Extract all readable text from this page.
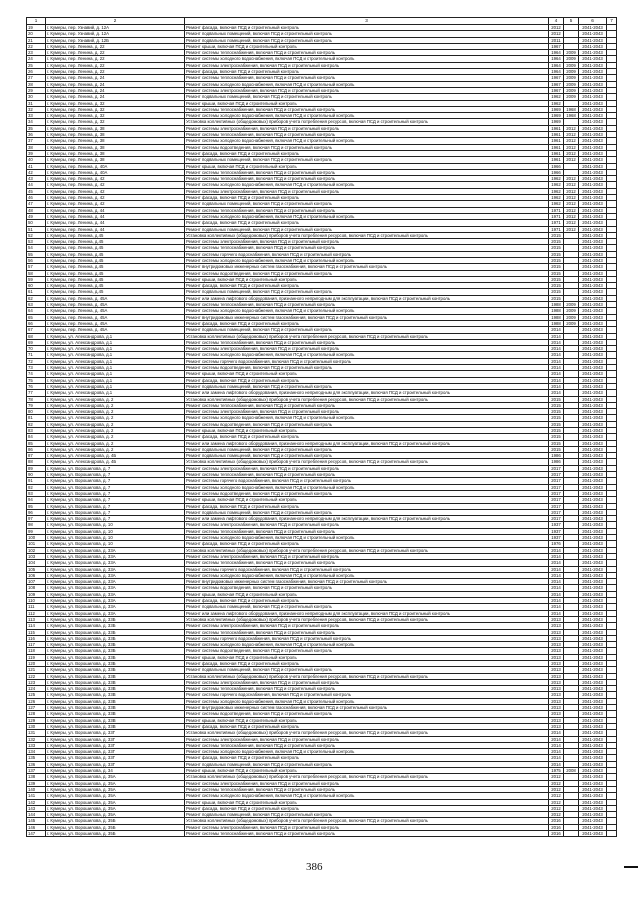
1	2	3	4	5	6	7
19	г. Кумеры, пер. Узнавий, д. 12А	Ремонт фасада, включая ПСД и строительный контроль	2012		2041-2043	
20	г. Кумеры, пер. Узнавий, д. 12А	Ремонт подвальных помещений, включая ПСД и строительный контроль	2012		2041-2043	
21	г. Кумеры, пер. Узнавий, д. 12Б	Ремонт подвальных помещений, включая ПСД и строительный контроль	2011		2041-2043	
22	г. Кумеры, пер. Ленина, д. 22	Ремонт крыши, включая ПСД и строительный контроль	1967		2041-2043	
23	г. Кумеры, пер. Ленина, д. 22	Ремонт системы теплоснабжения, включая ПСД и строительный контроль	1964	2009	2041-2043	
24	г. Кумеры, пер. Ленина, д. 22	Ремонт системы холодного водоснабжения, включая ПСД и строительный контроль	1964	2009	2041-2043	
25	г. Кумеры, пер. Ленина, д. 22	Ремонт системы электроснабжения, включая ПСД и строительный контроль	1964	2009	2041-2043	
26	г. Кумеры, пер. Ленина, д. 22	Ремонт фасада, включая ПСД и строительный контроль	1964	2009	2041-2043	
27	г. Кумеры, пер. Ленина, д. 24	Ремонт системы теплоснабжения, включая ПСД и строительный контроль	1967	2009	2041-2043	
28	г. Кумеры, пер. Ленина, д. 24	Ремонт системы холодного водоснабжения, включая ПСД и строительный контроль	1967	2009	2041-2043	
29	г. Кумеры, пер. Ленина, д. 24	Ремонт системы электроснабжения, включая ПСД и строительный контроль	1967	2009	2041-2043	
30	г. Кумеры, пер. Ленина, д. 24	Ремонт подвальных помещений, включая ПСД и строительный контроль	1962	2009	2041-2043	
31	г. Кумеры, пер. Ленина, д. 32	Ремонт крыши, включая ПСД и строительный контроль	1962		2041-2043	
32	г. Кумеры, пер. Ленина, д. 32	Ремонт системы теплоснабжения, включая ПСД и строительный контроль	1969	1968	2041-2043	
33	г. Кумеры, пер. Ленина, д. 32	Ремонт системы холодного водоснабжения, включая ПСД и строительный контроль	1969	1968	2041-2043	
34	г. Кумеры, пер. Ленина, д. 32	Установка коллективных (общедомовых) приборов учета потребления ресурсов, включая ПСД и строительный контроль	1969		2041-2043	
35	г. Кумеры, пер. Ленина, д. 38	Ремонт системы электроснабжения, включая ПСД и строительный контроль	1961	2012	2041-2043	
36	г. Кумеры, пер. Ленина, д. 38	Ремонт системы теплоснабжения, включая ПСД и строительный контроль	1961	2012	2041-2043	
37	г. Кумеры, пер. Ленина, д. 38	Ремонт системы холодного водоснабжения, включая ПСД и строительный контроль	1961	2012	2041-2043	
38	г. Кумеры, пер. Ленина, д. 38	Ремонт системы водоотведения, включая ПСД и строительный контроль	1961	2012	2041-2043	
39	г. Кумеры, пер. Ленина, д. 38	Ремонт фасада, включая ПСД и строительный контроль	1961	2012	2041-2043	
40	г. Кумеры, пер. Ленина, д. 38	Ремонт подвальных помещений, включая ПСД и строительный контроль	1961	2012	2041-2043	
41	г. Кумеры, пер. Ленина, д. 40А	Ремонт крыши, включая ПСД и строительный контроль	1966		2041-2043	
42	г. Кумеры, пер. Ленина, д. 40А	Ремонт системы теплоснабжения, включая ПСД и строительный контроль	1966		2041-2043	
43	г. Кумеры, пер. Ленина, д. 42	Ремонт системы теплоснабжения, включая ПСД и строительный контроль	1962	2012	2041-2043	
44	г. Кумеры, пер. Ленина, д. 42	Ремонт системы холодного водоснабжения, включая ПСД и строительный контроль	1962	2012	2041-2043	
45	г. Кумеры, пер. Ленина, д. 42	Ремонт системы электроснабжения, включая ПСД и строительный контроль	1962	2012	2041-2043	
46	г. Кумеры, пер. Ленина, д. 42	Ремонт фасада, включая ПСД и строительный контроль	1962	2012	2041-2043	
47	г. Кумеры, пер. Ленина, д. 42	Ремонт подвальных помещений, включая ПСД и строительный контроль	1962	2012	2041-2043	
48	г. Кумеры, пер. Ленина, д. 44	Ремонт системы теплоснабжения, включая ПСД и строительный контроль	1971	2012	2041-2043	
49	г. Кумеры, пер. Ленина, д. 44	Ремонт системы холодного водоснабжения, включая ПСД и строительный контроль	1971	2012	2041-2043	
50	г. Кумеры, пер. Ленина, д. 44	Ремонт фасада, включая ПСД и строительный контроль	1971	2012	2041-2043	
51	г. Кумеры, пер. Ленина, д. 44	Ремонт подвальных помещений, включая ПСД и строительный контроль	1971	2012	2041-2043	
52	г. Кумеры, пер. Ленина, д.45	Установка коллективных (общедомовых) приборов учета потребления ресурсов, включая ПСД и строительный контроль	2015		2041-2043	
53	г. Кумеры, пер. Ленина, д.45	Ремонт системы электроснабжения, включая ПСД и строительный контроль	2015		2041-2043	
54	г. Кумеры, пер. Ленина, д.45	Ремонт системы теплоснабжения, включая ПСД и строительный контроль	2015		2041-2043	
55	г. Кумеры, пер. Ленина, д.45	Ремонт системы горячего водоснабжения, включая ПСД и строительный контроль	2015		2041-2043	
56	г. Кумеры, пер. Ленина, д.45	Ремонт системы холодного водоснабжения, включая ПСД и строительный контроль	2015		2041-2043	
57	г. Кумеры, пер. Ленина, д.45	Ремонт внутридомовых инженерных систем газоснабжения, включая ПСД и строительный контроль	2015		2041-2043	
58	г. Кумеры, пер. Ленина, д.45	Ремонт системы водоотведения, включая ПСД и строительный контроль	2015		2041-2043	
59	г. Кумеры, пер. Ленина, д.45	Ремонт крыши, включая ПСД и строительный контроль	2015		2041-2043	
60	г. Кумеры, пер. Ленина, д.45	Ремонт фасада, включая ПСД и строительный контроль	2015		2041-2043	
61	г. Кумеры, пер. Ленина, д.45	Ремонт подвальных помещений, включая ПСД и строительный контроль	2015		2041-2043	
62	г. Кумеры, пер. Ленина, д. 45А	Ремонт или замена лифтового оборудования, признанного непригодным для эксплуатации, включая ПСД и строительный контроль	2015		2041-2043	
63	г. Кумеры, пер. Ленина, д. 45А	Ремонт системы теплоснабжения, включая ПСД и строительный контроль	1988	2009	2041-2043	
64	г. Кумеры, пер. Ленина, д. 45А	Ремонт системы холодного водоснабжения, включая ПСД и строительный контроль	1988	2009	2041-2043	
65	г. Кумеры, пер. Ленина, д. 45А	Ремонт внутридомовых инженерных систем газоснабжения, включая ПСД и строительный контроль	1988	2009	2041-2043	
66	г. Кумеры, пер. Ленина, д. 45А	Ремонт фасада, включая ПСД и строительный контроль	1988	2009	2041-2043	
67	г. Кумеры, пер. Ленина, д. 45А	Ремонт подвальных помещений, включая ПСД и строительный контроль	2014		2041-2043	
68	г. Кумеры, ул. Александрова, д.1	Установка коллективных (общедомовых) приборов учета потребления ресурсов, включая ПСД и строительный контроль	2014		2041-2043	
69	г. Кумеры, ул. Александрова, д.1	Ремонт системы теплоснабжения, включая ПСД и строительный контроль	2014		2041-2043	
70	г. Кумеры, ул. Александрова, д.1	Ремонт системы электроснабжения, включая ПСД и строительный контроль	2014		2041-2043	
71	г. Кумеры, ул. Александрова, д.1	Ремонт системы холодного водоснабжения, включая ПСД и строительный контроль	2014		2041-2043	
72	г. Кумеры, ул. Александрова, д.1	Ремонт системы горячего водоснабжения, включая ПСД и строительный контроль	2014		2041-2043	
73	г. Кумеры, ул. Александрова, д.1	Ремонт системы водоотведения, включая ПСД и строительный контроль	2014		2041-2043	
74	г. Кумеры, ул. Александрова, д.1	Ремонт крыши, включая ПСД и строительный контроль	2014		2041-2043	
75	г. Кумеры, ул. Александрова, д.1	Ремонт фасада, включая ПСД и строительный контроль	2014		2041-2043	
76	г. Кумеры, ул. Александрова, д.1	Ремонт подвальных помещений, включая ПСД и строительный контроль	2014		2041-2043	
77	г. Кумеры, ул. Александрова, д.1	Ремонт или замена лифтового оборудования, признанного непригодным для эксплуатации, включая ПСД и строительный контроль	2014		2041-2043	
78	г. Кумеры, ул. Александрова, д. 2	Установка коллективных (общедомовых) приборов учета потребления ресурсов, включая ПСД и строительный контроль	2015		2041-2043	
79	г. Кумеры, ул. Александрова, д. 2	Ремонт системы теплоснабжения, включая ПСД и строительный контроль	2015		2041-2043	
80	г. Кумеры, ул. Александрова, д. 2	Ремонт системы электроснабжения, включая ПСД и строительный контроль	2015		2041-2043	
81	г. Кумеры, ул. Александрова, д. 2	Ремонт системы холодного водоснабжения, включая ПСД и строительный контроль	2015		2041-2043	
82	г. Кумеры, ул. Александрова, д. 2	Ремонт системы водоотведения, включая ПСД и строительный контроль	2015		2041-2043	
83	г. Кумеры, ул. Александрова, д. 2	Ремонт крыши, включая ПСД и строительный контроль	2015		2041-2043	
84	г. Кумеры, ул. Александрова, д. 2	Ремонт фасада, включая ПСД и строительный контроль	2015		2041-2043	
85	г. Кумеры, ул. Александрова, д. 2	Ремонт или замена лифтового оборудования, признанного непригодным для эксплуатации, включая ПСД и строительный контроль	2015		2041-2043	
86	г. Кумеры, ул. Александрова, д. 2	Ремонт подвальных помещений, включая ПСД и строительный контроль	2015		2041-2043	
87	г. Кумеры, ул. Александрова, д. 4Б	Ремонт подвальных помещений, включая ПСД и строительный контроль	1986		2041-2043	
88	г. Кумеры, ул. Александрова, д. 4Б	Установка коллективных (общедомовых) приборов учета потребления ресурсов, включая ПСД и строительный контроль	1986		2041-2043	
89	г. Кумеры, ул. Ворошилова, д. 7	Ремонт системы электроснабжения, включая ПСД и строительный контроль	2017		2041-2043	
90	г. Кумеры, ул. Ворошилова, д. 7	Ремонт системы теплоснабжения, включая ПСД и строительный контроль	2017		2041-2043	
91	г. Кумеры, ул. Ворошилова, д. 7	Ремонт системы горячего водоснабжения, включая ПСД и строительный контроль	2017		2041-2043	
92	г. Кумеры, ул. Ворошилова, д. 7	Ремонт системы холодного водоснабжения, включая ПСД и строительный контроль	2017		2041-2043	
93	г. Кумеры, ул. Ворошилова, д. 7	Ремонт системы водоотведения, включая ПСД и строительный контроль	2017		2041-2043	
94	г. Кумеры, ул. Ворошилова, д. 7	Ремонт крыши, включая ПСД и строительный контроль	2017		2041-2043	
95	г. Кумеры, ул. Ворошилова, д. 7	Ремонт фасада, включая ПСД и строительный контроль	2017		2041-2043	
96	г. Кумеры, ул. Ворошилова, д. 7	Ремонт подвальных помещений, включая ПСД и строительный контроль	2017		2041-2043	
97	г. Кумеры, ул. Ворошилова, д. 7	Ремонт или замена лифтового оборудования, признанного непригодным для эксплуатации, включая ПСД и строительный контроль	2017		2041-2043	
98	г. Кумеры, ул. Ворошилова, д. 10	Ремонт системы электроснабжения, включая ПСД и строительный контроль	1937		2041-2043	
99	г. Кумеры, ул. Ворошилова, д. 10	Ремонт системы теплоснабжения, включая ПСД и строительный контроль	1937		2041-2043	
100	г. Кумеры, ул. Ворошилова, д. 10	Ремонт системы холодного водоснабжения, включая ПСД и строительный контроль	1937		2041-2043	
101	г. Кумеры, ул. Ворошилова, д. 10	Ремонт фасада, включая ПСД и строительный контроль	1976		2041-2043	
102	г. Кумеры, ул. Ворошилова, д. 33А	Установка коллективных (общедомовых) приборов учета потребления ресурсов, включая ПСД и строительный контроль	2014		2041-2043	
103	г. Кумеры, ул. Ворошилова, д. 33А	Ремонт системы электроснабжения, включая ПСД и строительный контроль	2014		2041-2043	
104	г. Кумеры, ул. Ворошилова, д. 33А	Ремонт системы теплоснабжения, включая ПСД и строительный контроль	2014		2041-2043	
105	г. Кумеры, ул. Ворошилова, д. 33А	Ремонт системы горячего водоснабжения, включая ПСД и строительный контроль	2014		2041-2043	
106	г. Кумеры, ул. Ворошилова, д. 33А	Ремонт системы холодного водоснабжения, включая ПСД и строительный контроль	2014		2041-2043	
107	г. Кумеры, ул. Ворошилова, д. 33А	Ремонт внутридомовых инженерных систем газоснабжения, включая ПСД и строительный контроль	2014		2041-2043	
108	г. Кумеры, ул. Ворошилова, д. 33А	Ремонт системы водоотведения, включая ПСД и строительный контроль	2014		2041-2043	
109	г. Кумеры, ул. Ворошилова, д. 33А	Ремонт крыши, включая ПСД и строительный контроль	2014		2041-2043	
110	г. Кумеры, ул. Ворошилова, д. 33А	Ремонт фасада, включая ПСД и строительный контроль	2014		2041-2043	
111	г. Кумеры, ул. Ворошилова, д. 33А	Ремонт подвальных помещений, включая ПСД и строительный контроль	2014		2041-2043	
112	г. Кумеры, ул. Ворошилова, д. 33А	Ремонт или замена лифтового оборудования, признанного непригодным для эксплуатации, включая ПСД и строительный контроль	2014		2041-2043	
113	г. Кумеры, ул. Ворошилова, д. 33Б	Установка коллективных (общедомовых) приборов учета потребления ресурсов, включая ПСД и строительный контроль	2013		2041-2043	
114	г. Кумеры, ул. Ворошилова, д. 33Б	Ремонт системы электроснабжения, включая ПСД и строительный контроль	2013		2041-2043	
115	г. Кумеры, ул. Ворошилова, д. 33Б	Ремонт системы теплоснабжения, включая ПСД и строительный контроль	2013		2041-2043	
116	г. Кумеры, ул. Ворошилова, д. 33Б	Ремонт системы горячего водоснабжения, включая ПСД и строительный контроль	2013		2041-2043	
117	г. Кумеры, ул. Ворошилова, д. 33Б	Ремонт системы холодного водоснабжения, включая ПСД и строительный контроль	2013		2041-2043	
118	г. Кумеры, ул. Ворошилова, д. 33Б	Ремонт системы водоотведения, включая ПСД и строительный контроль	2013		2041-2043	
119	г. Кумеры, ул. Ворошилова, д. 33Б	Ремонт крыши, включая ПСД и строительный контроль	2013		2041-2043	
120	г. Кумеры, ул. Ворошилова, д. 33Б	Ремонт фасада, включая ПСД и строительный контроль	2013		2041-2043	
121	г. Кумеры, ул. Ворошилова, д. 33Б	Ремонт подвальных помещений, включая ПСД и строительный контроль	2013		2041-2043	
122	г. Кумеры, ул. Ворошилова, д. 33В	Установка коллективных (общедомовых) приборов учета потребления ресурсов, включая ПСД и строительный контроль	2013		2041-2043	
123	г. Кумеры, ул. Ворошилова, д. 33В	Ремонт системы электроснабжения, включая ПСД и строительный контроль	2013		2041-2043	
124	г. Кумеры, ул. Ворошилова, д. 33В	Ремонт системы теплоснабжения, включая ПСД и строительный контроль	2013		2041-2043	
125	г. Кумеры, ул. Ворошилова, д. 33В	Ремонт системы горячего водоснабжения, включая ПСД и строительный контроль	2013		2041-2043	
126	г. Кумеры, ул. Ворошилова, д. 33В	Ремонт системы холодного водоснабжения, включая ПСД и строительный контроль	2013		2041-2043	
127	г. Кумеры, ул. Ворошилова, д. 33В	Ремонт внутридомовых инженерных систем газоснабжения, включая ПСД и строительный контроль	2013		2041-2043	
128	г. Кумеры, ул. Ворошилова, д. 33В	Ремонт системы водоотведения, включая ПСД и строительный контроль	2013		2041-2043	
129	г. Кумеры, ул. Ворошилова, д. 33В	Ремонт крыши, включая ПСД и строительный контроль	2013		2041-2043	
130	г. Кумеры, ул. Ворошилова, д. 33В	Ремонт фасада, включая ПСД и строительный контроль	2013		2041-2043	
131	г. Кумеры, ул. Ворошилова, д. 33Г	Установка коллективных (общедомовых) приборов учета потребления ресурсов, включая ПСД и строительный контроль	2014		2041-2043	
132	г. Кумеры, ул. Ворошилова, д. 33Г	Ремонт системы электроснабжения, включая ПСД и строительный контроль	2014		2041-2043	
133	г. Кумеры, ул. Ворошилова, д. 33Г	Ремонт системы теплоснабжения, включая ПСД и строительный контроль	2014		2041-2043	
134	г. Кумеры, ул. Ворошилова, д. 33Г	Ремонт системы холодного водоснабжения, включая ПСД и строительный контроль	2014		2041-2043	
135	г. Кумеры, ул. Ворошилова, д. 33Г	Ремонт фасада, включая ПСД и строительный контроль	2014		2041-2043	
136	г. Кумеры, ул. Ворошилова, д. 33Г	Ремонт подвальных помещений, включая ПСД и строительный контроль	2014		2041-2043	
137	г. Кумеры, ул. Ворошилова, д. 34	Ремонт крыши, включая ПСД и строительный контроль	1975	2008	2041-2043	
138	г. Кумеры, ул. Ворошилова, д. 35А	Установка коллективных (общедомовых) приборов учета потребления ресурсов, включая ПСД и строительный контроль	2012		2041-2043	
139	г. Кумеры, ул. Ворошилова, д. 35А	Ремонт системы электроснабжения, включая ПСД и строительный контроль	2012		2041-2043	
140	г. Кумеры, ул. Ворошилова, д. 35А	Ремонт системы теплоснабжения, включая ПСД и строительный контроль	2012		2041-2043	
141	г. Кумеры, ул. Ворошилова, д. 35А	Ремонт системы холодного водоснабжения, включая ПСД и строительный контроль	2012		2041-2043	
142	г. Кумеры, ул. Ворошилова, д. 35А	Ремонт крыши, включая ПСД и строительный контроль	2012		2041-2043	
143	г. Кумеры, ул. Ворошилова, д. 35А	Ремонт фасада, включая ПСД и строительный контроль	2012		2041-2043	
144	г. Кумеры, ул. Ворошилова, д. 35А	Ремонт подвальных помещений, включая ПСД и строительный контроль	2012		2041-2043	
145	г. Кумеры, ул. Ворошилова, д. 35Б	Установка коллективных (общедомовых) приборов учета потребления ресурсов, включая ПСД и строительный контроль	2016		2041-2043	
146	г. Кумеры, ул. Ворошилова, д. 35Б	Ремонт системы электроснабжения, включая ПСД и строительный контроль	2016		2041-2043	
147	г. Кумеры, ул. Ворошилова, д. 35Б	Ремонт системы теплоснабжения, включая ПСД и строительный контроль	2016		2041-2043	
386
